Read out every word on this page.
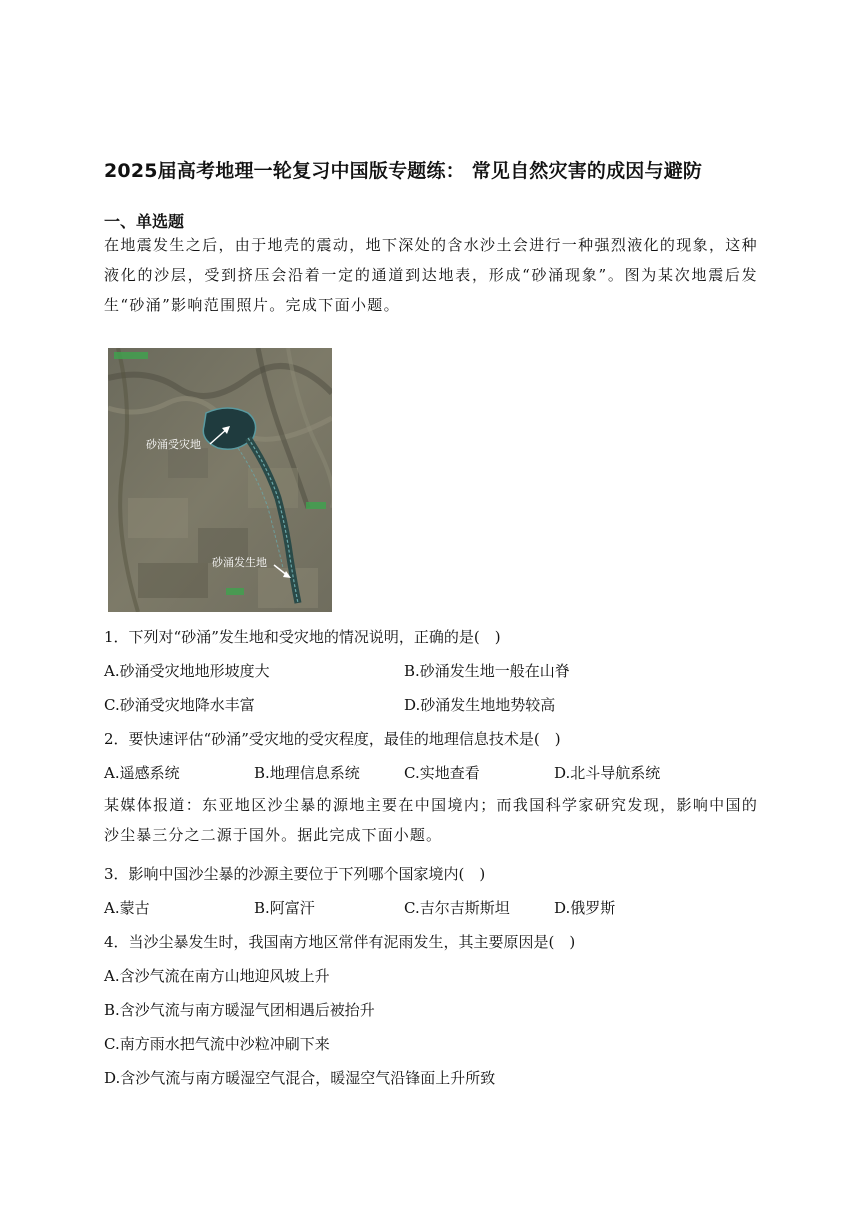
2025届高考地理一轮复习中国版专题练： 常见自然灾害的成因与避防
一、单选题
在地震发生之后，由于地壳的震动，地下深处的含水沙土会进行一种强烈液化的现象，这种液化的沙层，受到挤压会沿着一定的通道到达地表，形成“砂涌现象”。图为某次地震后发生“砂涌”影响范围照片。完成下面小题。
砂涌受灾地
砂涌发生地
1．下列对“砂涌”发生地和受灾地的情况说明，正确的是(　)
A.砂涌受灾地地形坡度大	B.砂涌发生地一般在山脊
C.砂涌受灾地降水丰富	D.砂涌发生地地势较高
2．要快速评估“砂涌”受灾地的受灾程度，最佳的地理信息技术是(　)
A.遥感系统	B.地理信息系统	C.实地查看	D.北斗导航系统
某媒体报道：东亚地区沙尘暴的源地主要在中国境内；而我国科学家研究发现，影响中国的沙尘暴三分之二源于国外。据此完成下面小题。
3．影响中国沙尘暴的沙源主要位于下列哪个国家境内(　)
A.蒙古	B.阿富汗	C.吉尔吉斯斯坦	D.俄罗斯
4．当沙尘暴发生时，我国南方地区常伴有泥雨发生，其主要原因是(　)
A.含沙气流在南方山地迎风坡上升
B.含沙气流与南方暖湿气团相遇后被抬升
C.南方雨水把气流中沙粒冲刷下来
D.含沙气流与南方暖湿空气混合，暖湿空气沿锋面上升所致
